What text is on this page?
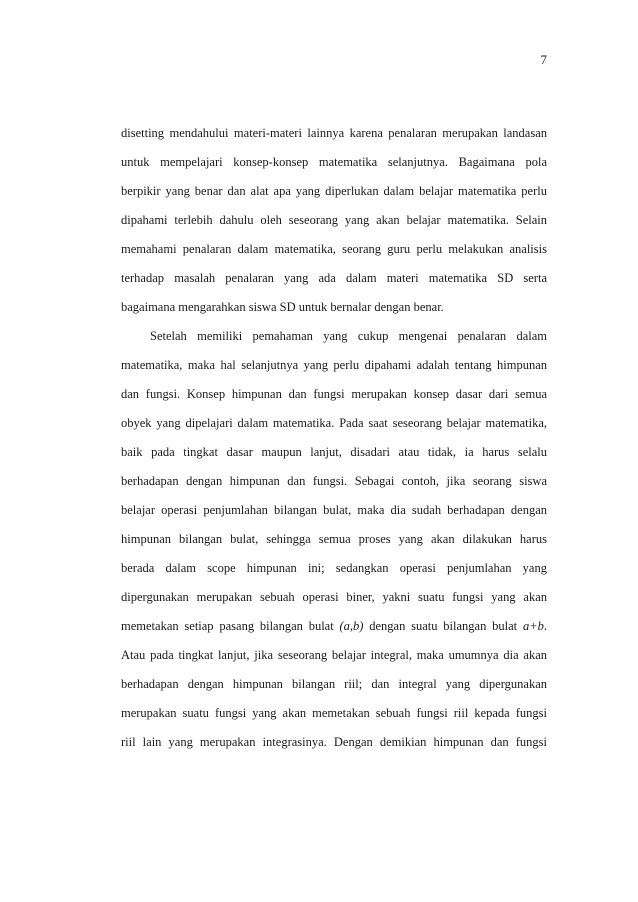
7
disetting mendahului materi-materi lainnya karena penalaran merupakan landasan
untuk mempelajari konsep-konsep matematika selanjutnya. Bagaimana pola
berpikir yang benar dan alat apa yang diperlukan dalam belajar matematika perlu
dipahami terlebih dahulu oleh seseorang yang akan belajar matematika. Selain
memahami penalaran dalam matematika, seorang guru perlu melakukan analisis
terhadap masalah penalaran yang ada dalam materi matematika SD serta
bagaimana mengarahkan siswa SD untuk bernalar dengan benar.
Setelah memiliki pemahaman yang cukup mengenai penalaran dalam
matematika, maka hal selanjutnya yang perlu dipahami adalah tentang himpunan
dan fungsi. Konsep himpunan dan fungsi merupakan konsep dasar dari semua
obyek yang dipelajari dalam matematika. Pada saat seseorang belajar matematika,
baik pada tingkat dasar maupun lanjut, disadari atau tidak, ia harus selalu
berhadapan dengan himpunan dan fungsi. Sebagai contoh, jika seorang siswa
belajar operasi penjumlahan bilangan bulat, maka dia sudah berhadapan dengan
himpunan bilangan bulat, sehingga semua proses yang akan dilakukan harus
berada dalam scope himpunan ini; sedangkan operasi penjumlahan yang
dipergunakan merupakan sebuah operasi biner, yakni suatu fungsi yang akan
memetakan setiap pasang bilangan bulat (a,b) dengan suatu bilangan bulat a+b.
Atau pada tingkat lanjut, jika seseorang belajar integral, maka umumnya dia akan
berhadapan dengan himpunan bilangan riil; dan integral yang dipergunakan
merupakan suatu fungsi yang akan memetakan sebuah fungsi riil kepada fungsi
riil lain yang merupakan integrasinya. Dengan demikian himpunan dan fungsi
